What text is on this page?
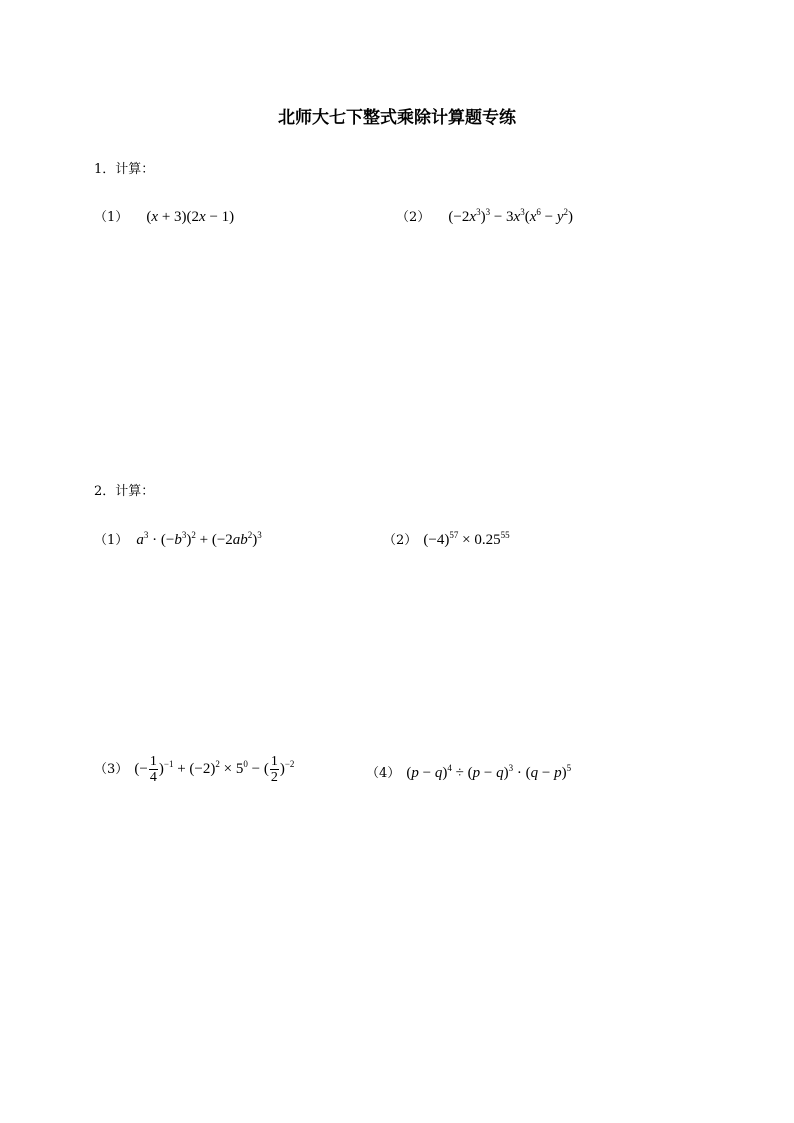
北师大七下整式乘除计算题专练
1．计算：
（1） (x + 3)(2x − 1)	（2） $(-2x^3)^3 - 3x^3(x^6 - y^2)$
2．计算：
（1） $a^3 \cdot (-b^3)^2 + (-2ab^2)^3$	（2） $(-4)^{57} \times 0.25^{55}$
（3） (− $\frac{1}{4} )^{-1} + (-2)^2 \times 5^0$ − ( $\frac{1}{2} )^{-2}$
（4） $(p - q)^4 \div (p - q)^3 \cdot (q - p)^5$
